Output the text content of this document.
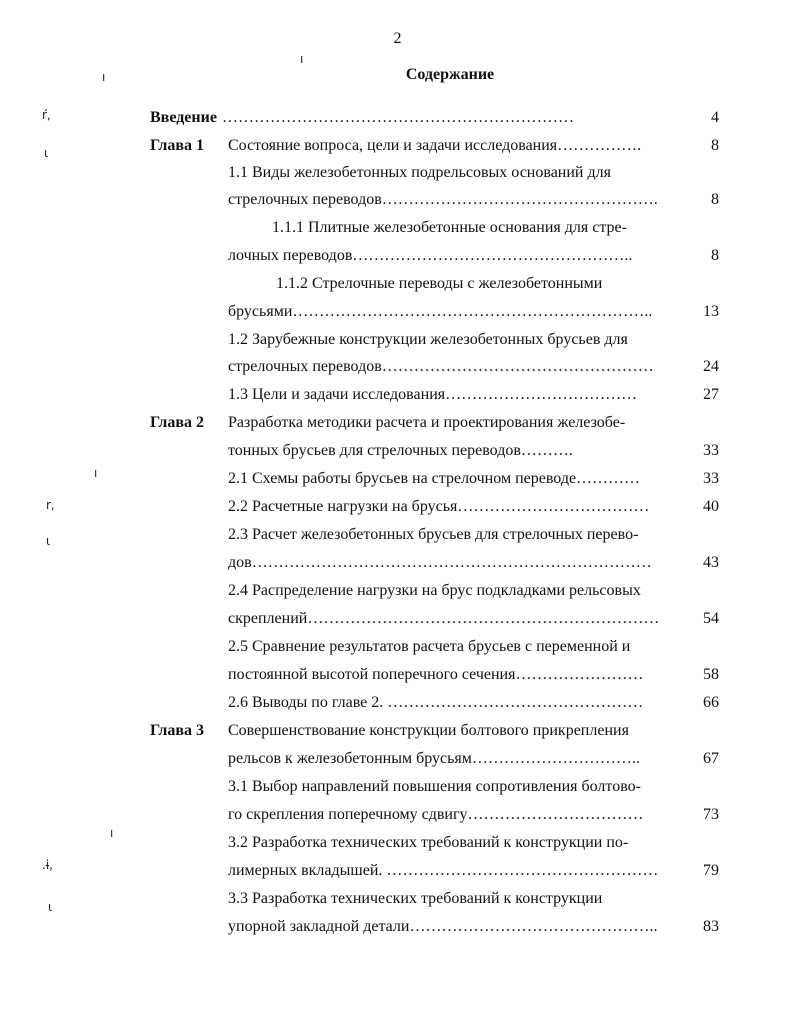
2
Содержание
Введение …………………………………………………………	4
Глава 1 Состояние вопроса, цели и задачи исследования…………….	8
1.1 Виды железобетонных подрельсовых оснований для
стрелочных переводов…………………………………………….	8
1.1.1 Плитные железобетонные основания для стре-
лочных переводов……………………………………………..	8
1.1.2 Стрелочные переводы с железобетонными
брусьями…………………………………………………………..	13
1.2 Зарубежные конструкции железобетонных брусьев для
стрелочных переводов……………………………………………	24
1.3 Цели и задачи исследования………………………………	27
Глава 2 Разработка методики расчета и проектирования железобе-
тонных брусьев для стрелочных переводов……….	33
2.1 Схемы работы брусьев на стрелочном переводе…………	33
2.2 Расчетные нагрузки на брусья………………………………	40
2.3 Расчет железобетонных брусьев для стрелочных перево-
дов…………………………………………………………………	43
2.4 Распределение нагрузки на брус подкладками рельсовых
скреплений…………………………………………………………	54
2.5 Сравнение результатов расчета брусьев с переменной и
постоянной высотой поперечного сечения……………………	58
2.6 Выводы по главе 2. …………………………………………	66
Глава 3 Совершенствование конструкции болтового прикрепления
рельсов к железобетонным брусьям…………………………..	67
3.1 Выбор направлений повышения сопротивления болтово-
го скрепления поперечному сдвигу……………………………	73
3.2 Разработка технических требований к конструкции по-
лимерных вкладышей. ……………………………………………	79
3.3 Разработка технических требований к конструкции
упорной закладной детали………………………………………..	83
ŕ,
ı
ɩ
r,
ɩ
ı
.ɨ,
ɩ
ı
ı
